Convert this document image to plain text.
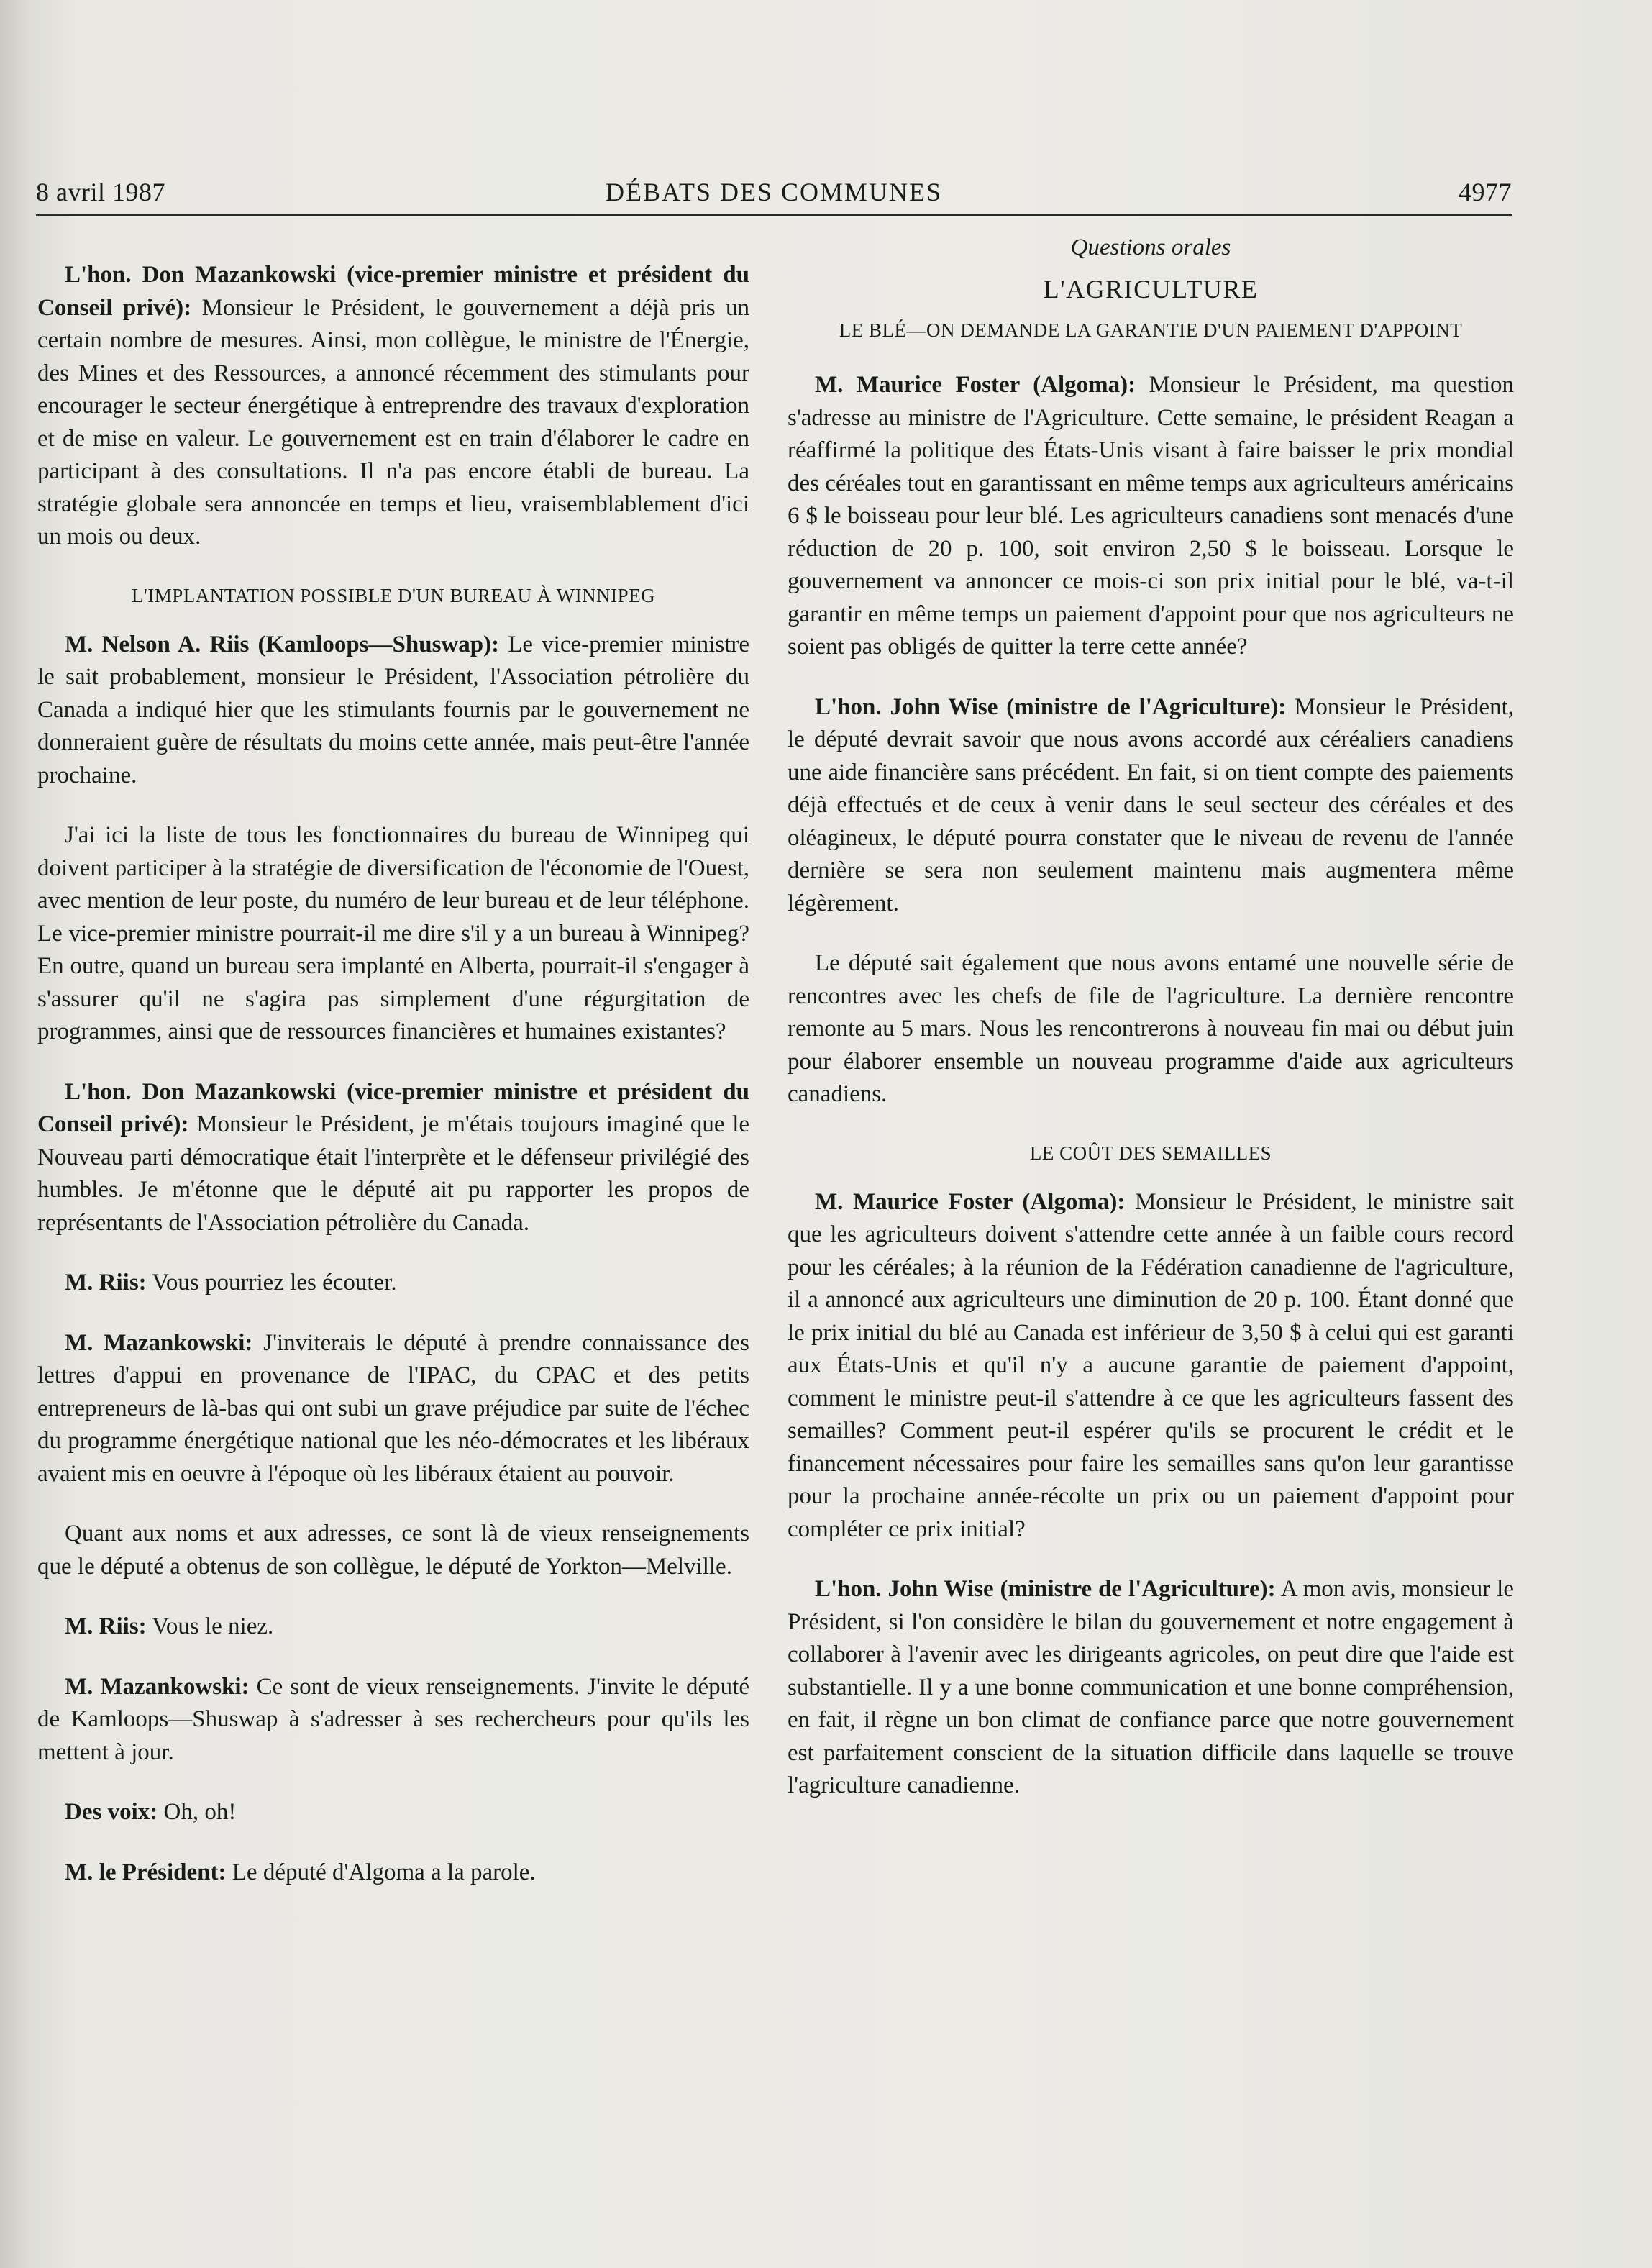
8 avril 1987	DÉBATS DES COMMUNES	4977

L'hon. Don Mazankowski (vice-premier ministre et président du Conseil privé): Monsieur le Président, le gouvernement a déjà pris un certain nombre de mesures. Ainsi, mon collègue, le ministre de l'Énergie, des Mines et des Ressources, a annoncé récemment des stimulants pour encourager le secteur énergétique à entreprendre des travaux d'exploration et de mise en valeur. Le gouvernement est en train d'élaborer le cadre en participant à des consultations. Il n'a pas encore établi de bureau. La stratégie globale sera annoncée en temps et lieu, vraisemblablement d'ici un mois ou deux.

L'IMPLANTATION POSSIBLE D'UN BUREAU À WINNIPEG

M. Nelson A. Riis (Kamloops—Shuswap): Le vice-premier ministre le sait probablement, monsieur le Président, l'Association pétrolière du Canada a indiqué hier que les stimulants fournis par le gouvernement ne donneraient guère de résultats du moins cette année, mais peut-être l'année prochaine.

J'ai ici la liste de tous les fonctionnaires du bureau de Winnipeg qui doivent participer à la stratégie de diversification de l'économie de l'Ouest, avec mention de leur poste, du numéro de leur bureau et de leur téléphone. Le vice-premier ministre pourrait-il me dire s'il y a un bureau à Winnipeg? En outre, quand un bureau sera implanté en Alberta, pourrait-il s'engager à s'assurer qu'il ne s'agira pas simplement d'une régurgitation de programmes, ainsi que de ressources financières et humaines existantes?

L'hon. Don Mazankowski (vice-premier ministre et président du Conseil privé): Monsieur le Président, je m'étais toujours imaginé que le Nouveau parti démocratique était l'interprète et le défenseur privilégié des humbles. Je m'étonne que le député ait pu rapporter les propos de représentants de l'Association pétrolière du Canada.

M. Riis: Vous pourriez les écouter.

M. Mazankowski: J'inviterais le député à prendre connaissance des lettres d'appui en provenance de l'IPAC, du CPAC et des petits entrepreneurs de là-bas qui ont subi un grave préjudice par suite de l'échec du programme énergétique national que les néo-démocrates et les libéraux avaient mis en oeuvre à l'époque où les libéraux étaient au pouvoir.

Quant aux noms et aux adresses, ce sont là de vieux renseignements que le député a obtenus de son collègue, le député de Yorkton—Melville.

M. Riis: Vous le niez.

M. Mazankowski: Ce sont de vieux renseignements. J'invite le député de Kamloops—Shuswap à s'adresser à ses rechercheurs pour qu'ils les mettent à jour.

Des voix: Oh, oh!

M. le Président: Le député d'Algoma a la parole.

Questions orales
L'AGRICULTURE
LE BLÉ—ON DEMANDE LA GARANTIE D'UN PAIEMENT D'APPOINT

M. Maurice Foster (Algoma): Monsieur le Président, ma question s'adresse au ministre de l'Agriculture. Cette semaine, le président Reagan a réaffirmé la politique des États-Unis visant à faire baisser le prix mondial des céréales tout en garantissant en même temps aux agriculteurs américains 6 $ le boisseau pour leur blé. Les agriculteurs canadiens sont menacés d'une réduction de 20 p. 100, soit environ 2,50 $ le boisseau. Lorsque le gouvernement va annoncer ce mois-ci son prix initial pour le blé, va-t-il garantir en même temps un paiement d'appoint pour que nos agriculteurs ne soient pas obligés de quitter la terre cette année?

L'hon. John Wise (ministre de l'Agriculture): Monsieur le Président, le député devrait savoir que nous avons accordé aux céréaliers canadiens une aide financière sans précédent. En fait, si on tient compte des paiements déjà effectués et de ceux à venir dans le seul secteur des céréales et des oléagineux, le député pourra constater que le niveau de revenu de l'année dernière se sera non seulement maintenu mais augmentera même légèrement.

Le député sait également que nous avons entamé une nouvelle série de rencontres avec les chefs de file de l'agriculture. La dernière rencontre remonte au 5 mars. Nous les rencontrerons à nouveau fin mai ou début juin pour élaborer ensemble un nouveau programme d'aide aux agriculteurs canadiens.

LE COÛT DES SEMAILLES

M. Maurice Foster (Algoma): Monsieur le Président, le ministre sait que les agriculteurs doivent s'attendre cette année à un faible cours record pour les céréales; à la réunion de la Fédération canadienne de l'agriculture, il a annoncé aux agriculteurs une diminution de 20 p. 100. Étant donné que le prix initial du blé au Canada est inférieur de 3,50 $ à celui qui est garanti aux États-Unis et qu'il n'y a aucune garantie de paiement d'appoint, comment le ministre peut-il s'attendre à ce que les agriculteurs fassent des semailles? Comment peut-il espérer qu'ils se procurent le crédit et le financement nécessaires pour faire les semailles sans qu'on leur garantisse pour la prochaine année-récolte un prix ou un paiement d'appoint pour compléter ce prix initial?

L'hon. John Wise (ministre de l'Agriculture): A mon avis, monsieur le Président, si l'on considère le bilan du gouvernement et notre engagement à collaborer à l'avenir avec les dirigeants agricoles, on peut dire que l'aide est substantielle. Il y a une bonne communication et une bonne compréhension, en fait, il règne un bon climat de confiance parce que notre gouvernement est parfaitement conscient de la situation difficile dans laquelle se trouve l'agriculture canadienne.
